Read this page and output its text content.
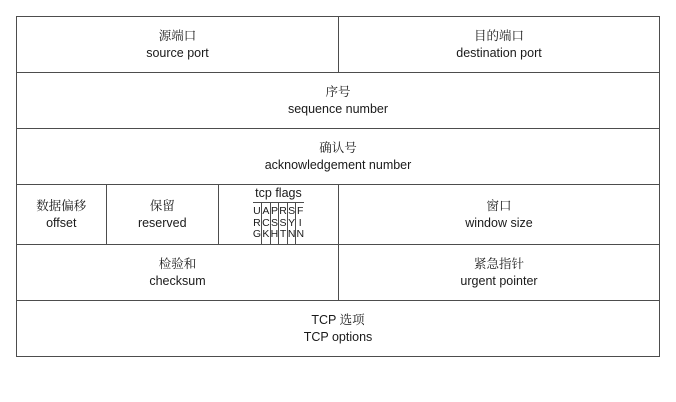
源端口
source port
目的端口
destination port
序号
sequence number
确认号
acknowledgement number
数据偏移
offset
保留
reserved
tcp flags
U
R
G
A
C
K
P
S
H
R
S
T
S
Y
N
F
I
N
窗口
window size
检验和
checksum
紧急指针
urgent pointer
TCP 选项
TCP options
